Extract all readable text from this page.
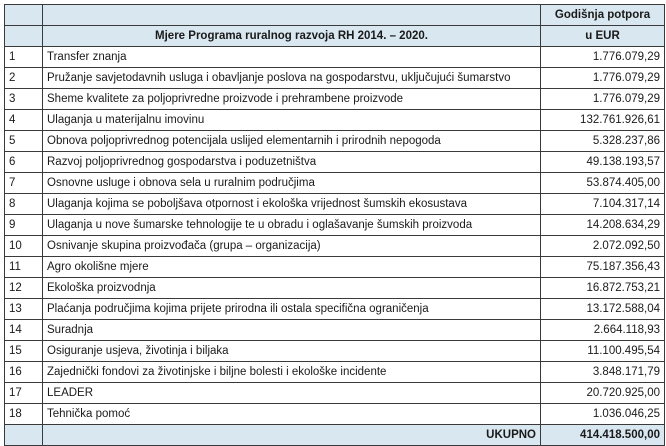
		Godišnja potpora
	Mjere Programa ruralnog razvoja RH 2014. – 2020.	u EUR
1	Transfer znanja	1.776.079,29
2	Pružanje savjetodavnih usluga i obavljanje poslova na gospodarstvu, uključujući šumarstvo	1.776.079,29
3	Sheme kvalitete za poljoprivredne proizvode i prehrambene proizvode	1.776.079,29
4	Ulaganja u materijalnu imovinu	132.761.926,61
5	Obnova poljoprivrednog potencijala uslijed elementarnih i prirodnih nepogoda	5.328.237,86
6	Razvoj poljoprivrednog gospodarstva i poduzetništva	49.138.193,57
7	Osnovne usluge i obnova sela u ruralnim područjima	53.874.405,00
8	Ulaganja kojima se poboljšava otpornost i ekološka vrijednost šumskih ekosustava	7.104.317,14
9	Ulaganja u nove šumarske tehnologije te u obradu i oglašavanje šumskih proizvoda	14.208.634,29
10	Osnivanje skupina proizvođača (grupa – organizacija)	2.072.092,50
11	Agro okolišne mjere	75.187.356,43
12	Ekološka proizvodnja	16.872.753,21
13	Plaćanja područjima kojima prijete prirodna ili ostala specifična ograničenja	13.172.588,04
14	Suradnja	2.664.118,93
15	Osiguranje usjeva, životinja i biljaka	11.100.495,54
16	Zajednički fondovi za životinjske i biljne bolesti i ekološke incidente	3.848.171,79
17	LEADER	20.720.925,00
18	Tehnička pomoć	1.036.046,25
	UKUPNO	414.418.500,00
